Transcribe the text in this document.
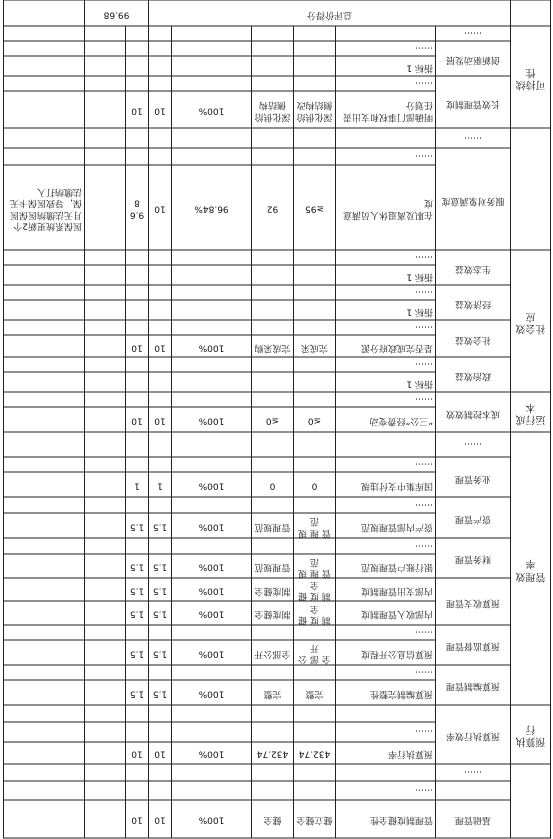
	基础管理	管理制度健全性	健立健全	健全	100%	10	10		
		……							
	……								
预算执行	预算执行效率	预算执行率	432.74	432.74	100%	10	10		
		……							

管理效率	预算编制管理	预算编制完整性	完整	完整	100%	1.5	1.5		
		……							
	预算监督管理	预算信息公开程度	全 部 公 开	全部公开	100%	1.5	1.5		
		……							
	预算收支管理	内部收入管理制度	制 度 健 全	制度健全	100%	1.5	1.5		
		内部支出管理制度	制 度 健 全	制度健全	100%	1.5	1.5		
	财务管理	银行账户管理规范	管 理 规 范	管理规范	100%	1.5	1.5		
		……							
	资产管理	资产内部管理规范	管 理 规 范	管理规范	100%	1.5	1.5		
		……							
	业务管理	国库集中支付违规	0	0	100%	1	1		
		……							
	……								
运行成本	成本控制效效	“三公”经费变动	≤0	≤0	100%	10	10		
		……							
社会效应	政治效益	指标 1							
		……							
	社会效益	是否完成政府分派	完成采	完成采购	100%	10	10		
		……							
	经济效益	指标 1							
		……							
	生态效益	指标 1							
		……							
	服务对象满意度	在职及离退休人员满意度	≥95	92	96.84%	10	9.68		医保系统更新2个月无法缴纳医保医保，导致医保卡无法缴纳打入
		……							
	……								
可持续性	长效管理制度	明确部门事权和支出责任划分	深化供给侧结构改	深化供给侧结构	100%	10	10		
		……							
	创新驱动发展	指标 1							
		……							
	……								
	总评价得分						99.68		
